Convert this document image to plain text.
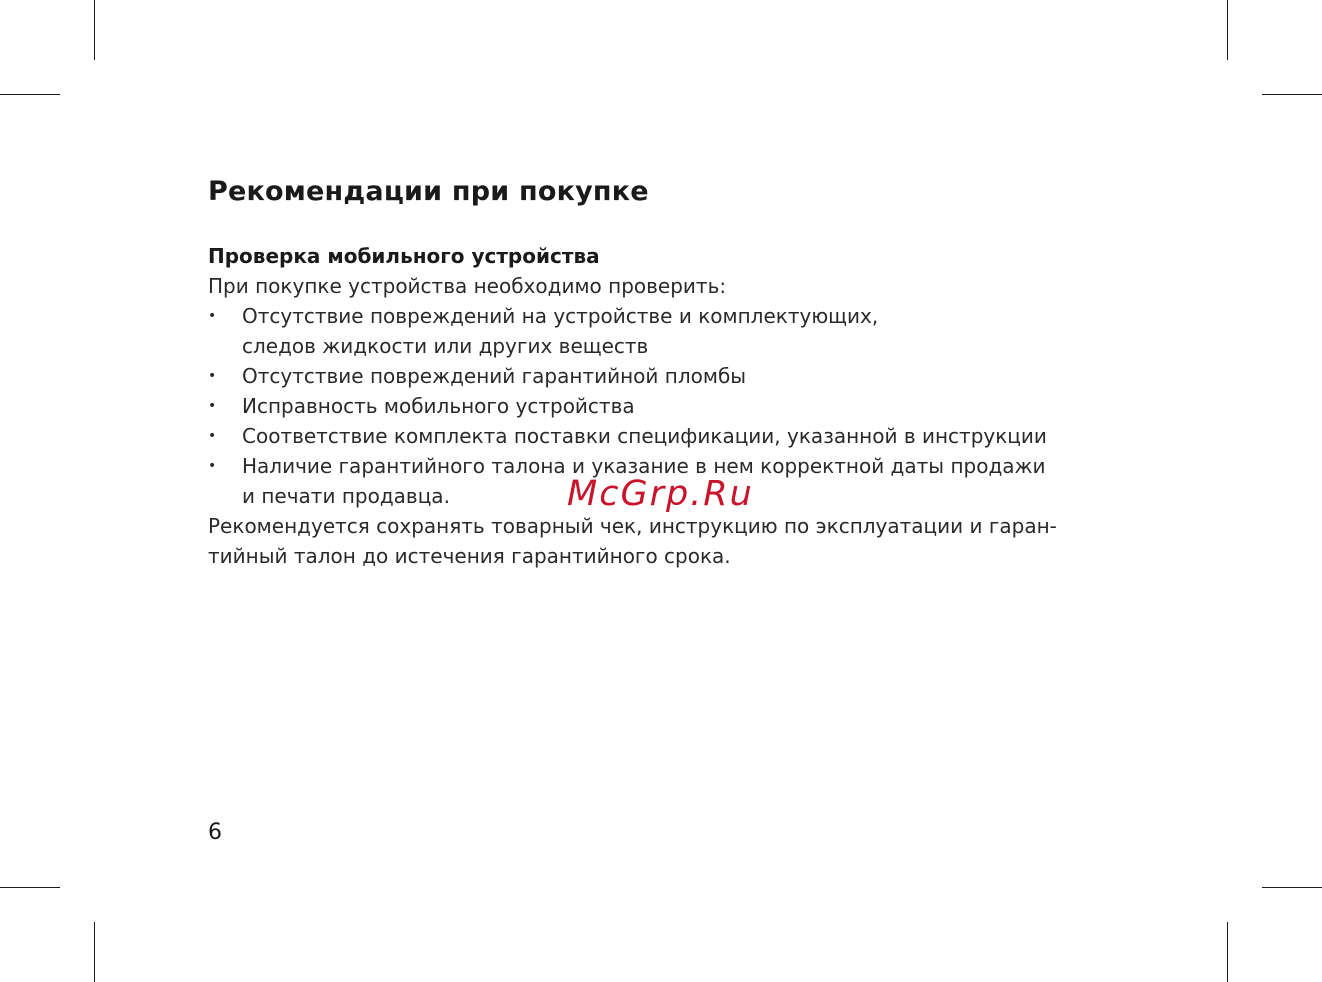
Рекомендации при покупке
Проверка мобильного устройства

При покупке устройства необходимо проверить:

• Отсутствие повреждений на устройстве и комплектующих,
следов жидкости или других веществ
• Отсутствие повреждений гарантийной пломбы
• Исправность мобильного устройства
• Соответствие комплекта поставки спецификации, указанной в инструкции
• Наличие гарантийного талона и указание в нем корректной даты продажи
и печати продавца.
Рекомендуется сохранять товарный чек, инструкцию по эксплуатации и гаран-
тийный талон до истечения гарантийного срока.
McGrp.Ru
6
